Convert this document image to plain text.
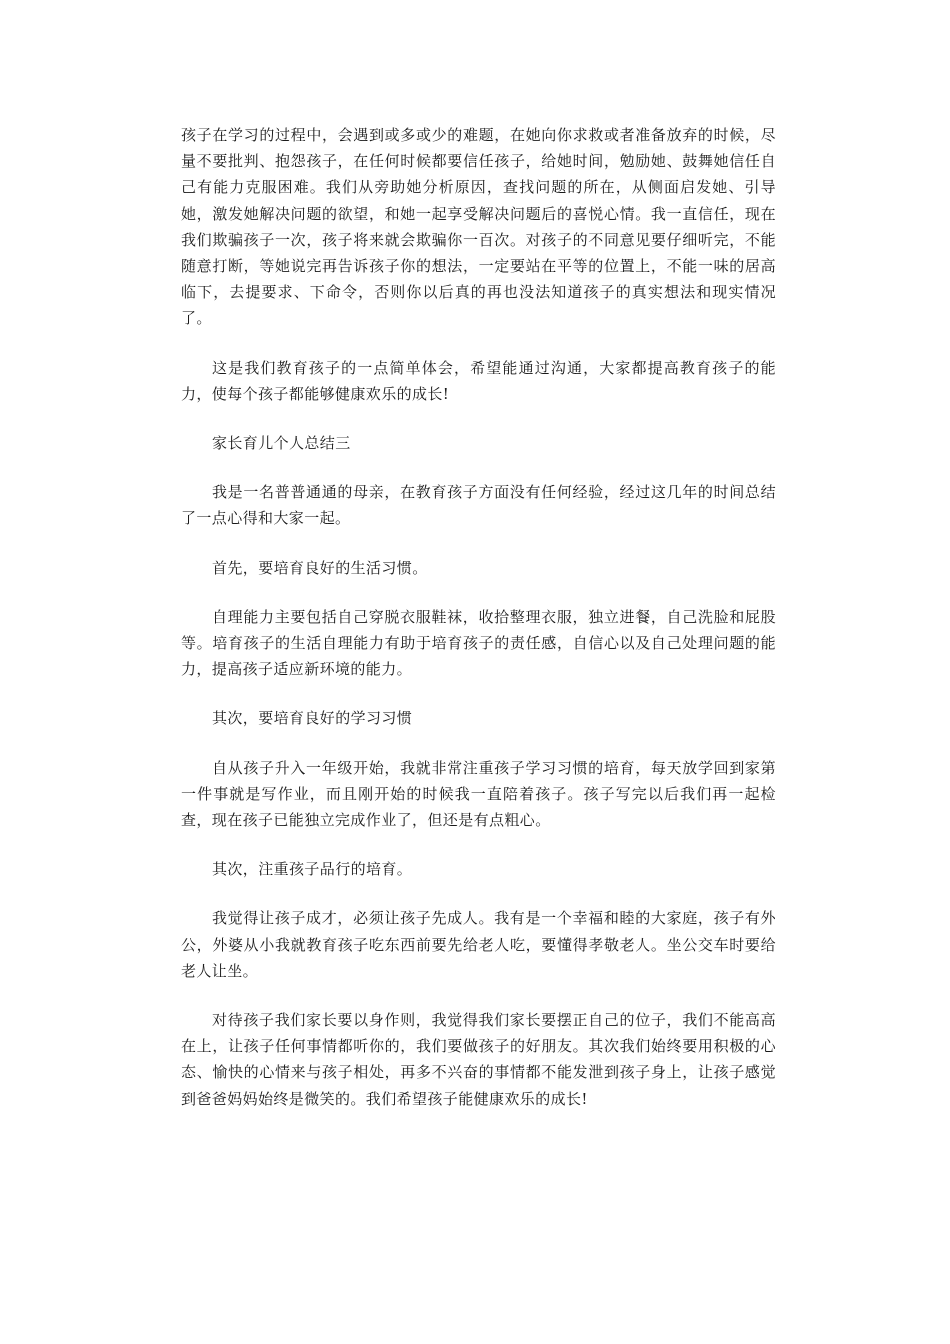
孩子在学习的过程中，会遇到或多或少的难题，在她向你求救或者准备放弃的时候，尽量不要批判、抱怨孩子，在任何时候都要信任孩子，给她时间，勉励她、鼓舞她信任自己有能力克服困难。我们从旁助她分析原因，查找问题的所在，从侧面启发她、引导她，激发她解决问题的欲望，和她一起享受解决问题后的喜悦心情。我一直信任，现在我们欺骗孩子一次，孩子将来就会欺骗你一百次。对孩子的不同意见要仔细听完，不能随意打断，等她说完再告诉孩子你的想法，一定要站在平等的位置上，不能一味的居高临下，去提要求、下命令，否则你以后真的再也没法知道孩子的真实想法和现实情况了。

这是我们教育孩子的一点简单体会，希望能通过沟通，大家都提高教育孩子的能力，使每个孩子都能够健康欢乐的成长!

家长育儿个人总结三

我是一名普普通通的母亲，在教育孩子方面没有任何经验，经过这几年的时间总结了一点心得和大家一起。

首先，要培育良好的生活习惯。

自理能力主要包括自己穿脱衣服鞋袜，收拾整理衣服，独立进餐，自己洗脸和屁股等。培育孩子的生活自理能力有助于培育孩子的责任感，自信心以及自己处理问题的能力，提高孩子适应新环境的能力。

其次，要培育良好的学习习惯

自从孩子升入一年级开始，我就非常注重孩子学习习惯的培育，每天放学回到家第一件事就是写作业，而且刚开始的时候我一直陪着孩子。孩子写完以后我们再一起检查，现在孩子已能独立完成作业了，但还是有点粗心。

其次，注重孩子品行的培育。

我觉得让孩子成才，必须让孩子先成人。我有是一个幸福和睦的大家庭，孩子有外公，外婆从小我就教育孩子吃东西前要先给老人吃，要懂得孝敬老人。坐公交车时要给老人让坐。

对待孩子我们家长要以身作则，我觉得我们家长要摆正自己的位子，我们不能高高在上，让孩子任何事情都听你的，我们要做孩子的好朋友。其次我们始终要用积极的心态、愉快的心情来与孩子相处，再多不兴奋的事情都不能发泄到孩子身上，让孩子感觉到爸爸妈妈始终是微笑的。我们希望孩子能健康欢乐的成长!
